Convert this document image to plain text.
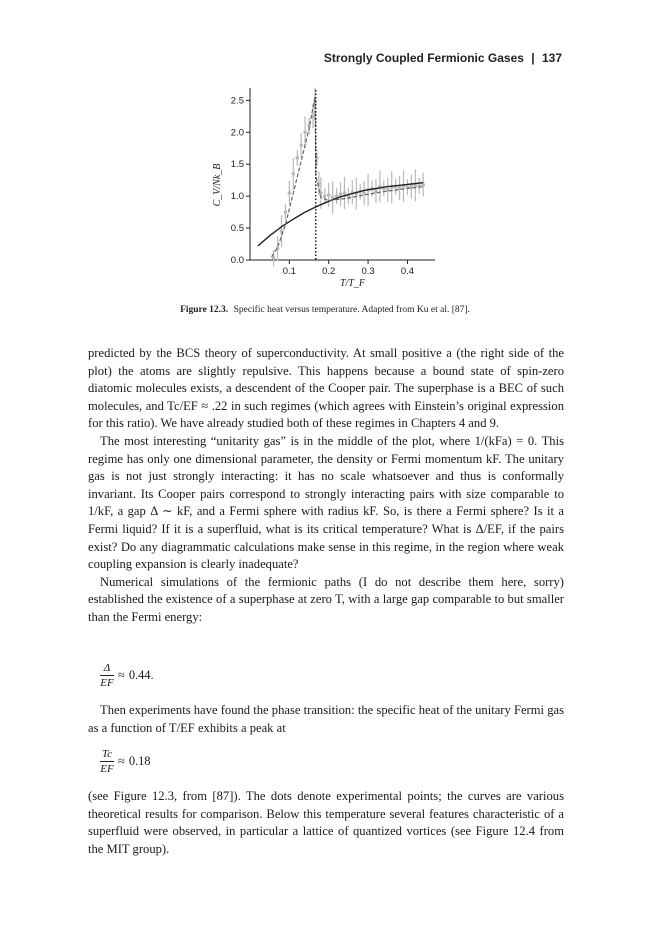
Strongly Coupled Fermionic Gases | 137
0.0
0.5
1.0
1.5
2.0
2.5
0.1	0.2	0.3	0.4
T/T_F
C_V/Nk_B
Figure 12.3. Specific heat versus temperature. Adapted from Ku et al. [87].

predicted by the BCS theory of superconductivity. At small positive a (the right side of the plot) the atoms are slightly repulsive. This happens because a bound state of spin-zero diatomic molecules exists, a descendent of the Cooper pair. The superphase is a BEC of such molecules, and Tc/EF ≈ .22 in such regimes (which agrees with Einstein’s original expression for this ratio). We have already studied both of these regimes in Chapters 4 and 9.

The most interesting “unitarity gas” is in the middle of the plot, where 1/(kFa) = 0. This regime has only one dimensional parameter, the density or Fermi momentum kF. The unitary gas is not just strongly interacting: it has no scale whatsoever and thus is conformally invariant. Its Cooper pairs correspond to strongly interacting pairs with size comparable to 1/kF, a gap Δ ∼ kF, and a Fermi sphere with radius kF. So, is there a Fermi sphere? Is it a Fermi liquid? If it is a superfluid, what is its critical temperature? What is Δ/EF, if the pairs exist? Do any diagrammatic calculations make sense in this regime, in the region where weak coupling expansion is clearly inadequate?

Numerical simulations of the fermionic paths (I do not describe them here, sorry) established the existence of a superphase at zero T, with a large gap comparable to but smaller than the Fermi energy:

$\frac{\Delta}{EF} \approx 0.44$.

Then experiments have found the phase transition: the specific heat of the unitary Fermi gas as a function of T/EF exhibits a peak at

$\frac{Tc}{EF} \approx 0.18$

(see Figure 12.3, from [87]). The dots denote experimental points; the curves are various theoretical results for comparison. Below this temperature several features characteristic of a superfluid were observed, in particular a lattice of quantized vortices (see Figure 12.4 from the MIT group).
